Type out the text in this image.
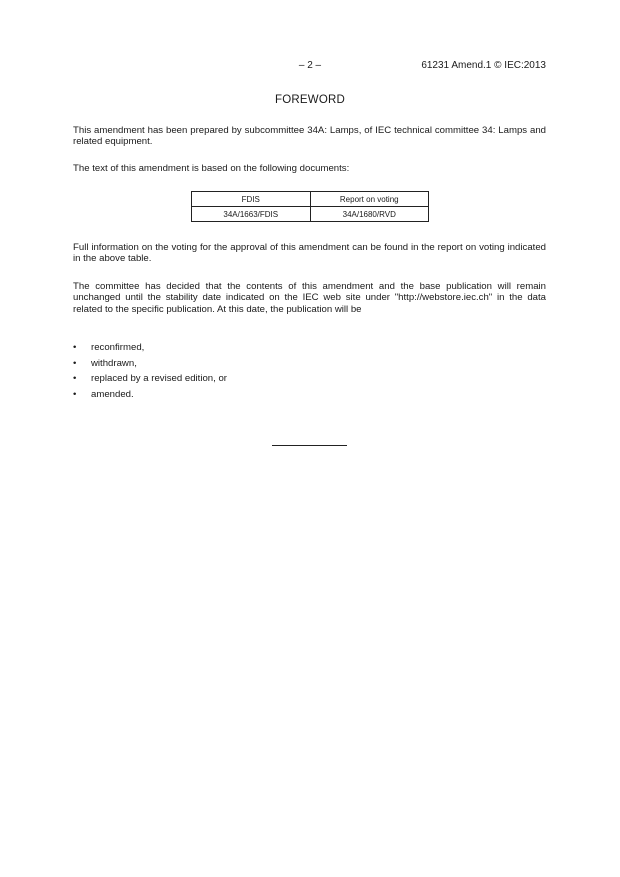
– 2 –	61231 Amend.1 © IEC:2013
FOREWORD

This amendment has been prepared by subcommittee 34A: Lamps, of IEC technical committee 34: Lamps and related equipment.

The text of this amendment is based on the following documents:

FDIS	Report on voting
34A/1663/FDIS	34A/1680/RVD

Full information on the voting for the approval of this amendment can be found in the report on voting indicated in the above table.

The committee has decided that the contents of this amendment and the base publication will remain unchanged until the stability date indicated on the IEC web site under "http://webstore.iec.ch" in the data related to the specific publication. At this date, the publication will be

• reconfirmed,
• withdrawn,
• replaced by a revised edition, or
• amended.
